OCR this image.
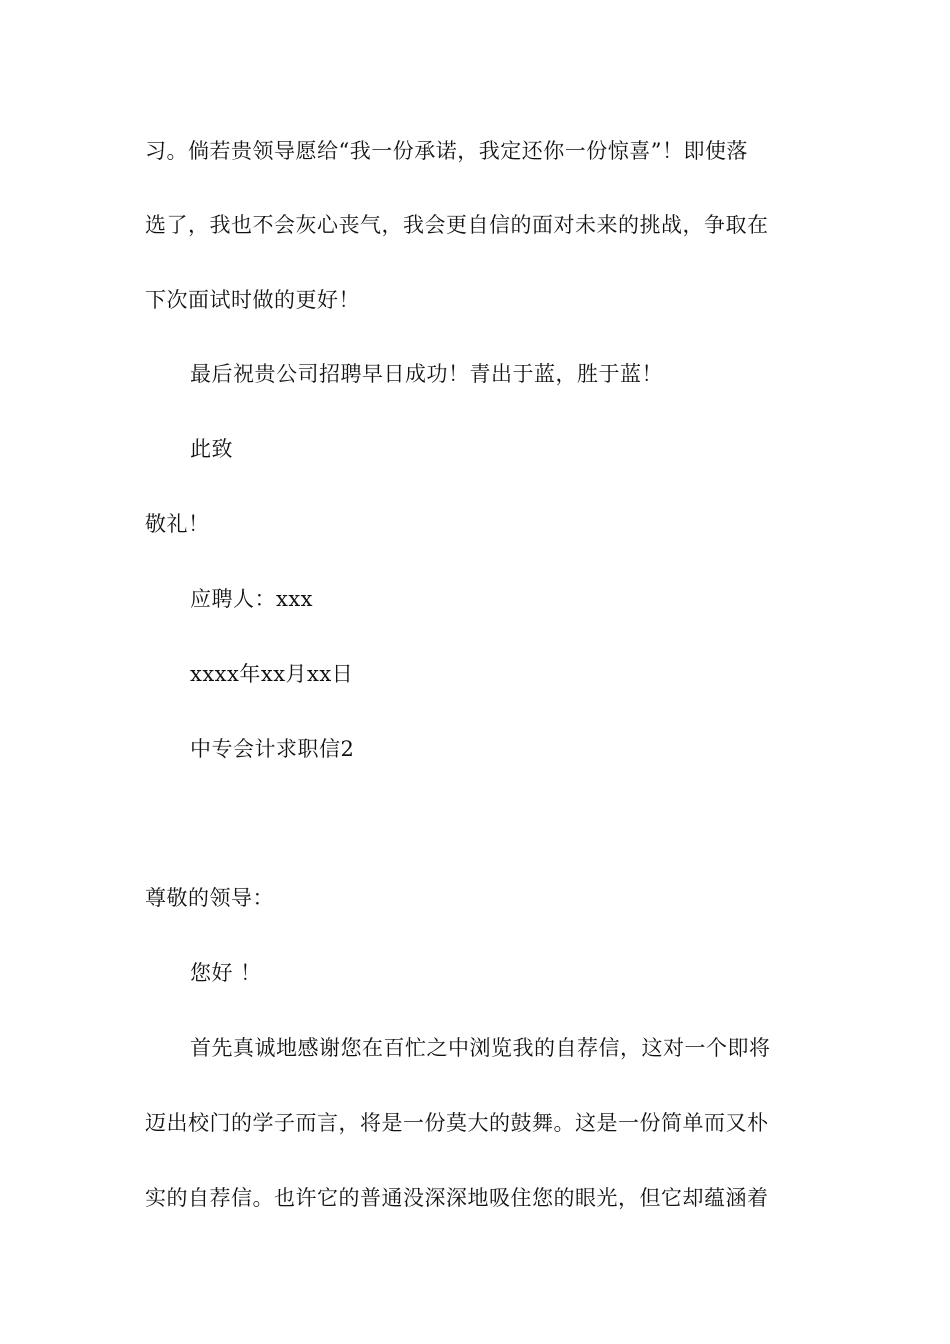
习。倘若贵领导愿给“我一份承诺，我定还你一份惊喜”！即使落
选了，我也不会灰心丧气，我会更自信的面对未来的挑战，争取在
下次面试时做的更好！
最后祝贵公司招聘早日成功！青出于蓝，胜于蓝！
此致
敬礼！
应聘人：xxx
xxxx年xx月xx日
中专会计求职信2
尊敬的领导：
您好 ！
首先真诚地感谢您在百忙之中浏览我的自荐信，这对一个即将
迈出校门的学子而言，将是一份莫大的鼓舞。这是一份简单而又朴
实的自荐信。也许它的普通没深深地吸住您的眼光，但它却蕴涵着
